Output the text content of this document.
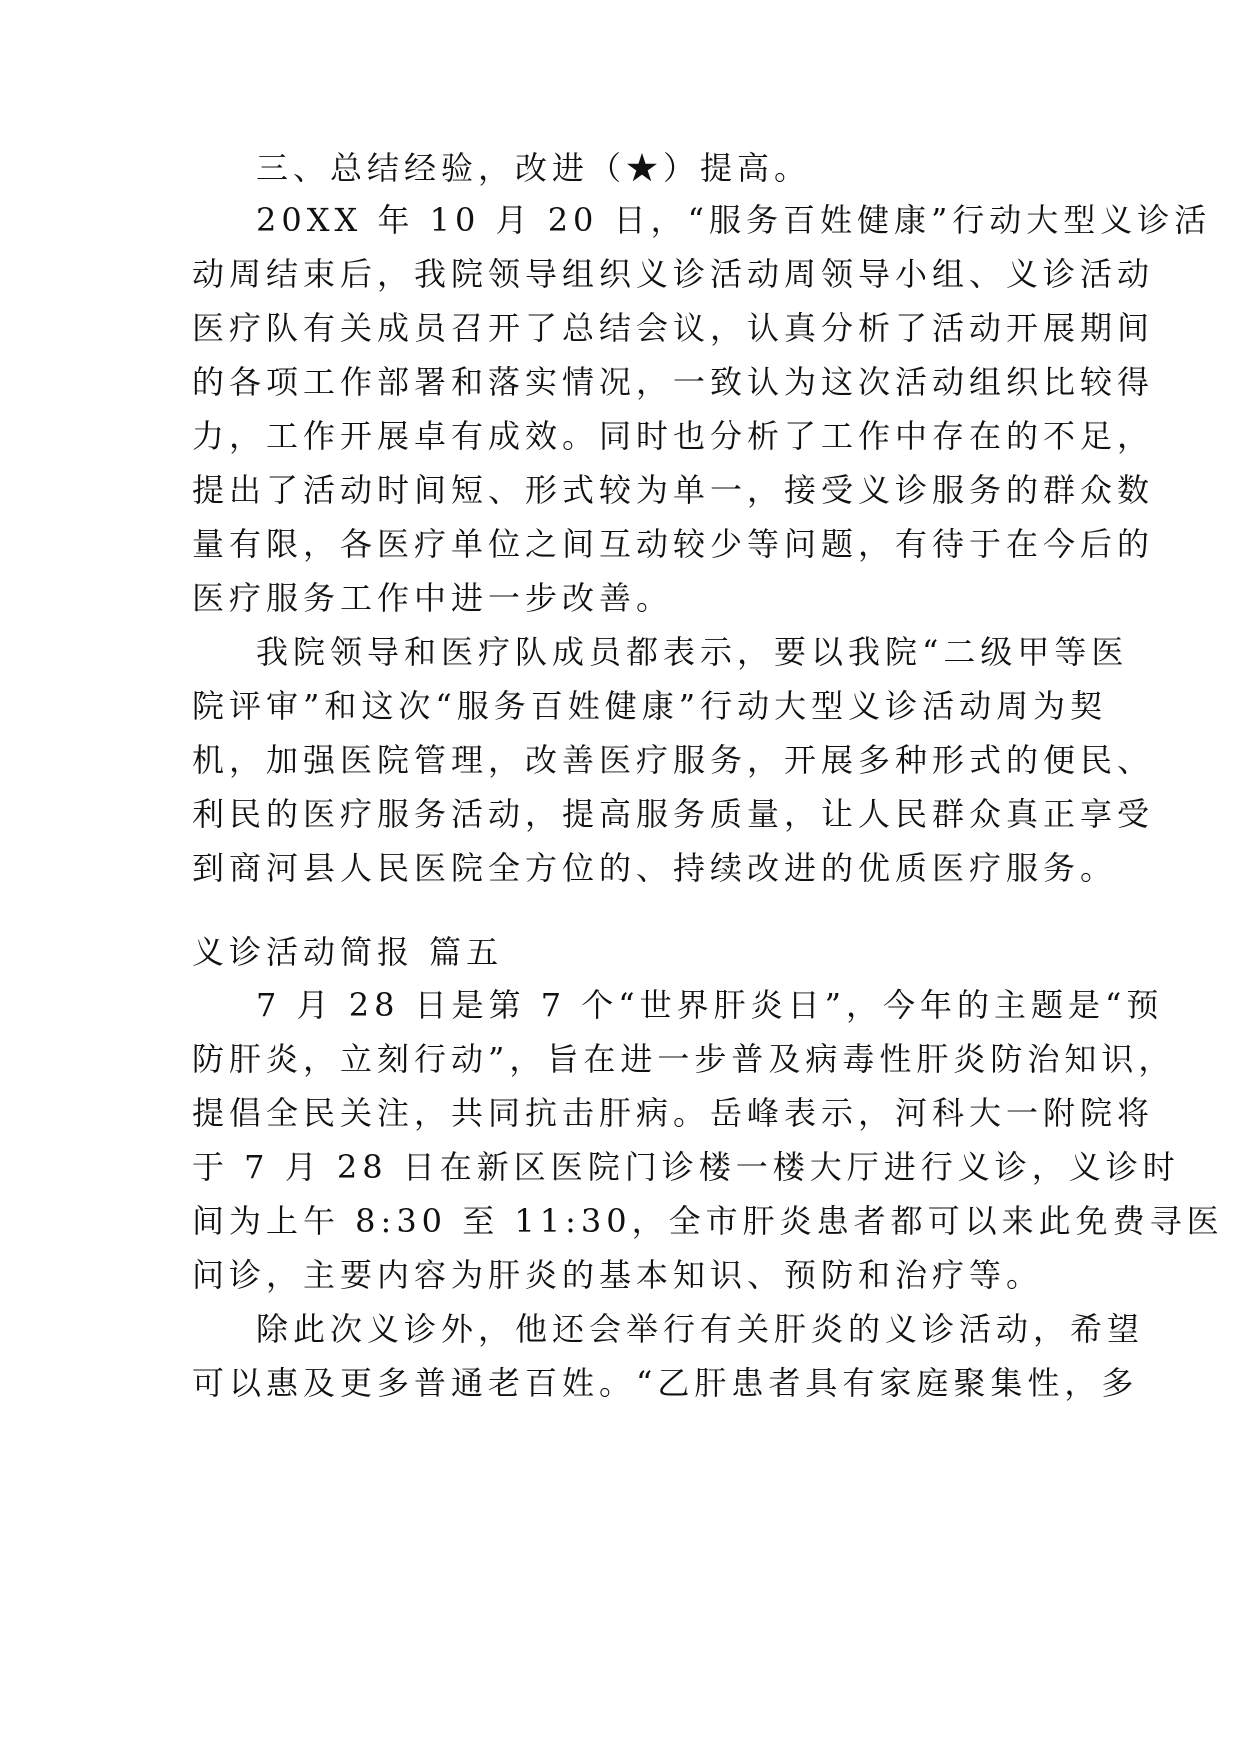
三、总结经验，改进（★）提高。
20XX 年 10 月 20 日，“服务百姓健康”行动大型义诊活
动周结束后，我院领导组织义诊活动周领导小组、义诊活动
医疗队有关成员召开了总结会议，认真分析了活动开展期间
的各项工作部署和落实情况，一致认为这次活动组织比较得
力，工作开展卓有成效。同时也分析了工作中存在的不足，
提出了活动时间短、形式较为单一，接受义诊服务的群众数
量有限，各医疗单位之间互动较少等问题，有待于在今后的
医疗服务工作中进一步改善。
我院领导和医疗队成员都表示，要以我院“二级甲等医
院评审”和这次“服务百姓健康”行动大型义诊活动周为契
机，加强医院管理，改善医疗服务，开展多种形式的便民、
利民的医疗服务活动，提高服务质量，让人民群众真正享受
到商河县人民医院全方位的、持续改进的优质医疗服务。
义诊活动简报 篇五
7 月 28 日是第 7 个“世界肝炎日”，今年的主题是“预
防肝炎，立刻行动”，旨在进一步普及病毒性肝炎防治知识，
提倡全民关注，共同抗击肝病。岳峰表示，河科大一附院将
于 7 月 28 日在新区医院门诊楼一楼大厅进行义诊，义诊时
间为上午 8:30 至 11:30，全市肝炎患者都可以来此免费寻医
问诊，主要内容为肝炎的基本知识、预防和治疗等。
除此次义诊外，他还会举行有关肝炎的义诊活动，希望
可以惠及更多普通老百姓。“乙肝患者具有家庭聚集性，多
